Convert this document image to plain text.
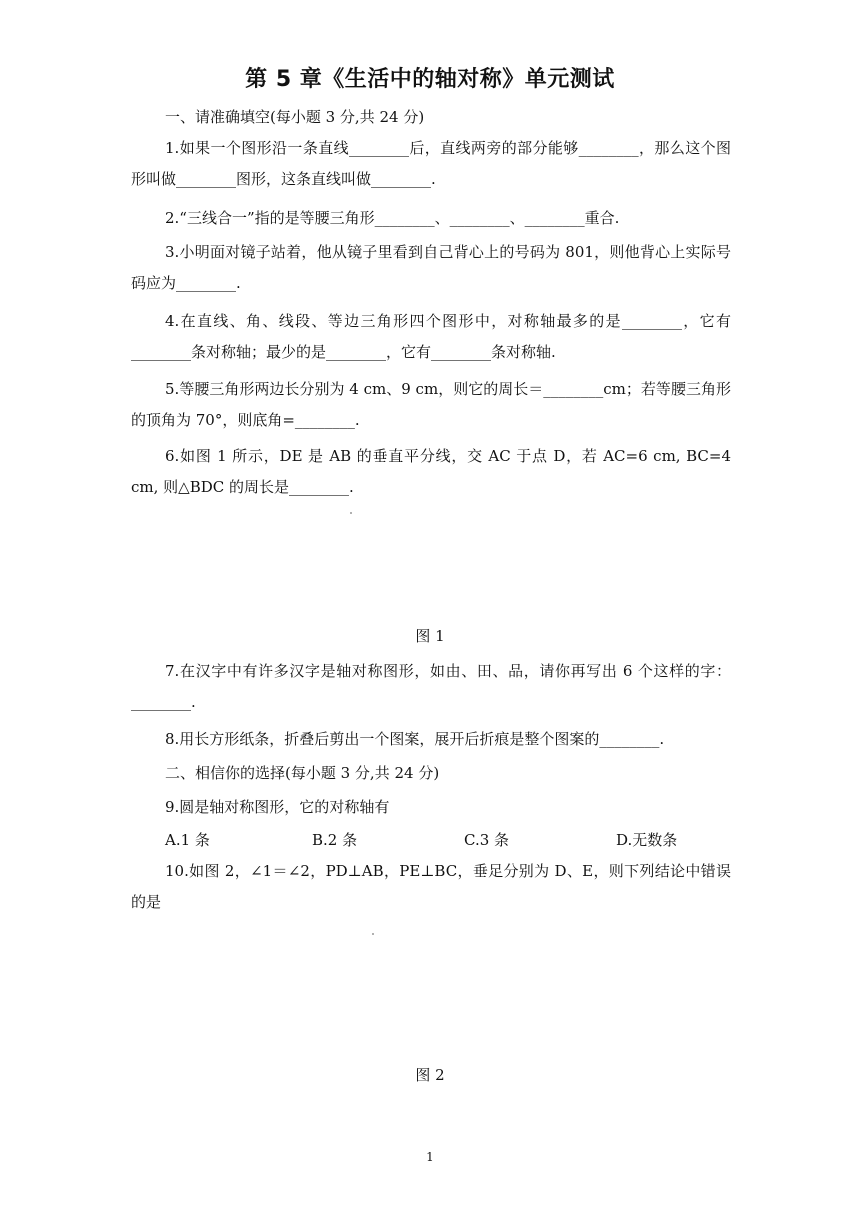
第 5 章《生活中的轴对称》单元测试
一、请准确填空(每小题 3 分,共 24 分)
1.如果一个图形沿一条直线________后，直线两旁的部分能够________，那么这个图形叫做________图形，这条直线叫做________.
2.“三线合一”指的是等腰三角形________、________、________重合.
3.小明面对镜子站着，他从镜子里看到自己背心上的号码为 801，则他背心上实际号码应为________.
4.在直线、角、线段、等边三角形四个图形中，对称轴最多的是________，它有________条对称轴；最少的是________，它有________条对称轴.
5.等腰三角形两边长分别为 4 cm、9 cm，则它的周长＝________cm；若等腰三角形的顶角为 70°，则底角=________.
6.如图 1 所示，DE 是 AB 的垂直平分线，交 AC 于点 D，若 AC=6 cm, BC=4 cm, 则△BDC 的周长是________.
图 1
7.在汉字中有许多汉字是轴对称图形，如由、田、品，请你再写出 6 个这样的字：________.
8.用长方形纸条，折叠后剪出一个图案，展开后折痕是整个图案的________.
二、相信你的选择(每小题 3 分,共 24 分)
9.圆是轴对称图形，它的对称轴有
A.1 条	B.2 条	C.3 条	D.无数条
10.如图 2，∠1＝∠2，PD⊥AB，PE⊥BC，垂足分别为 D、E，则下列结论中错误的是
图 2
1
